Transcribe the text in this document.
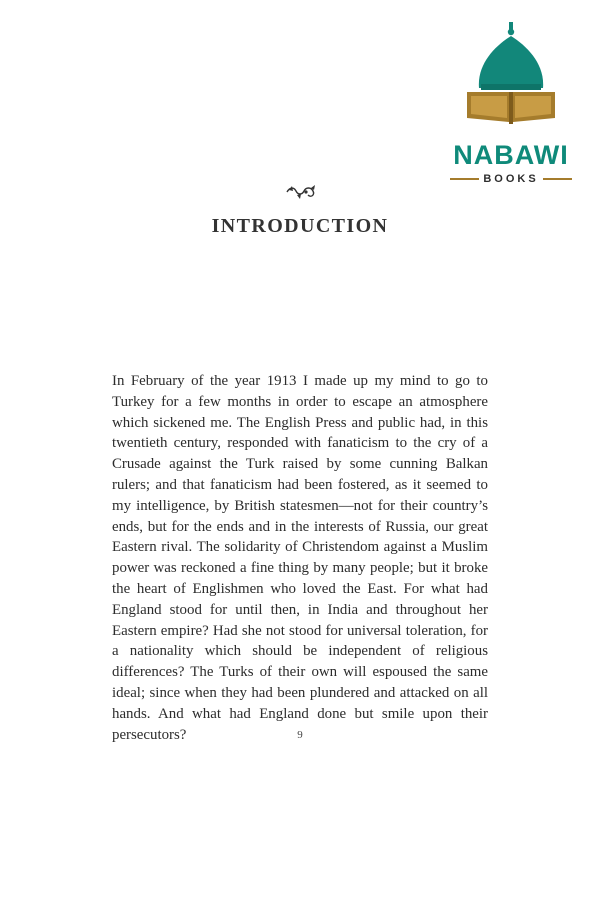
NABAWI
BOOKS
INTRODUCTION

In February of the year 1913 I made up my mind to go to Turkey for a few months in order to escape an atmosphere which sickened me. The English Press and public had, in this twentieth century, responded with fanaticism to the cry of a Crusade against the Turk raised by some cunning Balkan rulers; and that fanaticism had been fostered, as it seemed to my intelligence, by British statesmen—not for their country’s ends, but for the ends and in the interests of Russia, our great Eastern rival. The solidarity of Christendom against a Muslim power was reckoned a fine thing by many people; but it broke the heart of Englishmen who loved the East. For what had England stood for until then, in India and throughout her Eastern empire? Had she not stood for universal toleration, for a nationality which should be independent of religious differences? The Turks of their own will espoused the same ideal; since when they had been plundered and attacked on all hands. And what had England done but smile upon their persecutors?	9
